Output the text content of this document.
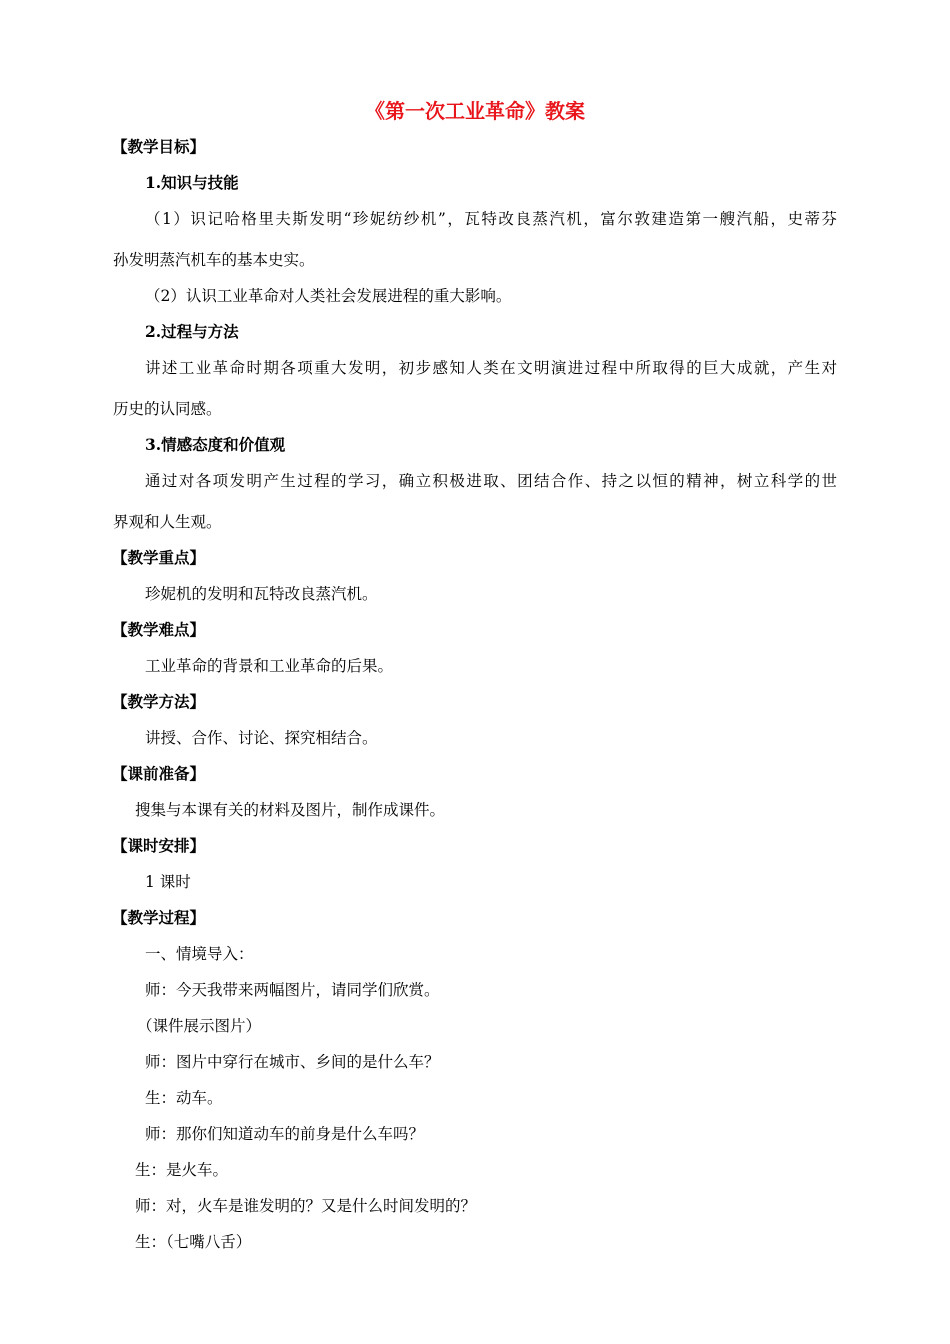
《第一次工业革命》教案
【教学目标】
1.知识与技能
（1）识记哈格里夫斯发明“珍妮纺纱机”，瓦特改良蒸汽机，富尔敦建造第一艘汽船，史蒂芬
孙发明蒸汽机车的基本史实。
（2）认识工业革命对人类社会发展进程的重大影响。
2.过程与方法
讲述工业革命时期各项重大发明，初步感知人类在文明演进过程中所取得的巨大成就，产生对
历史的认同感。
3.情感态度和价值观
通过对各项发明产生过程的学习，确立积极进取、团结合作、持之以恒的精神，树立科学的世
界观和人生观。
【教学重点】
珍妮机的发明和瓦特改良蒸汽机。
【教学难点】
工业革命的背景和工业革命的后果。
【教学方法】
讲授、合作、讨论、探究相结合。
【课前准备】
搜集与本课有关的材料及图片，制作成课件。
【课时安排】
1 课时
【教学过程】
一、情境导入：
师：今天我带来两幅图片，请同学们欣赏。
（课件展示图片）
师：图片中穿行在城市、乡间的是什么车？
生：动车。
师：那你们知道动车的前身是什么车吗？
生：是火车。
师：对，火车是谁发明的？又是什么时间发明的？
生：（七嘴八舌）
